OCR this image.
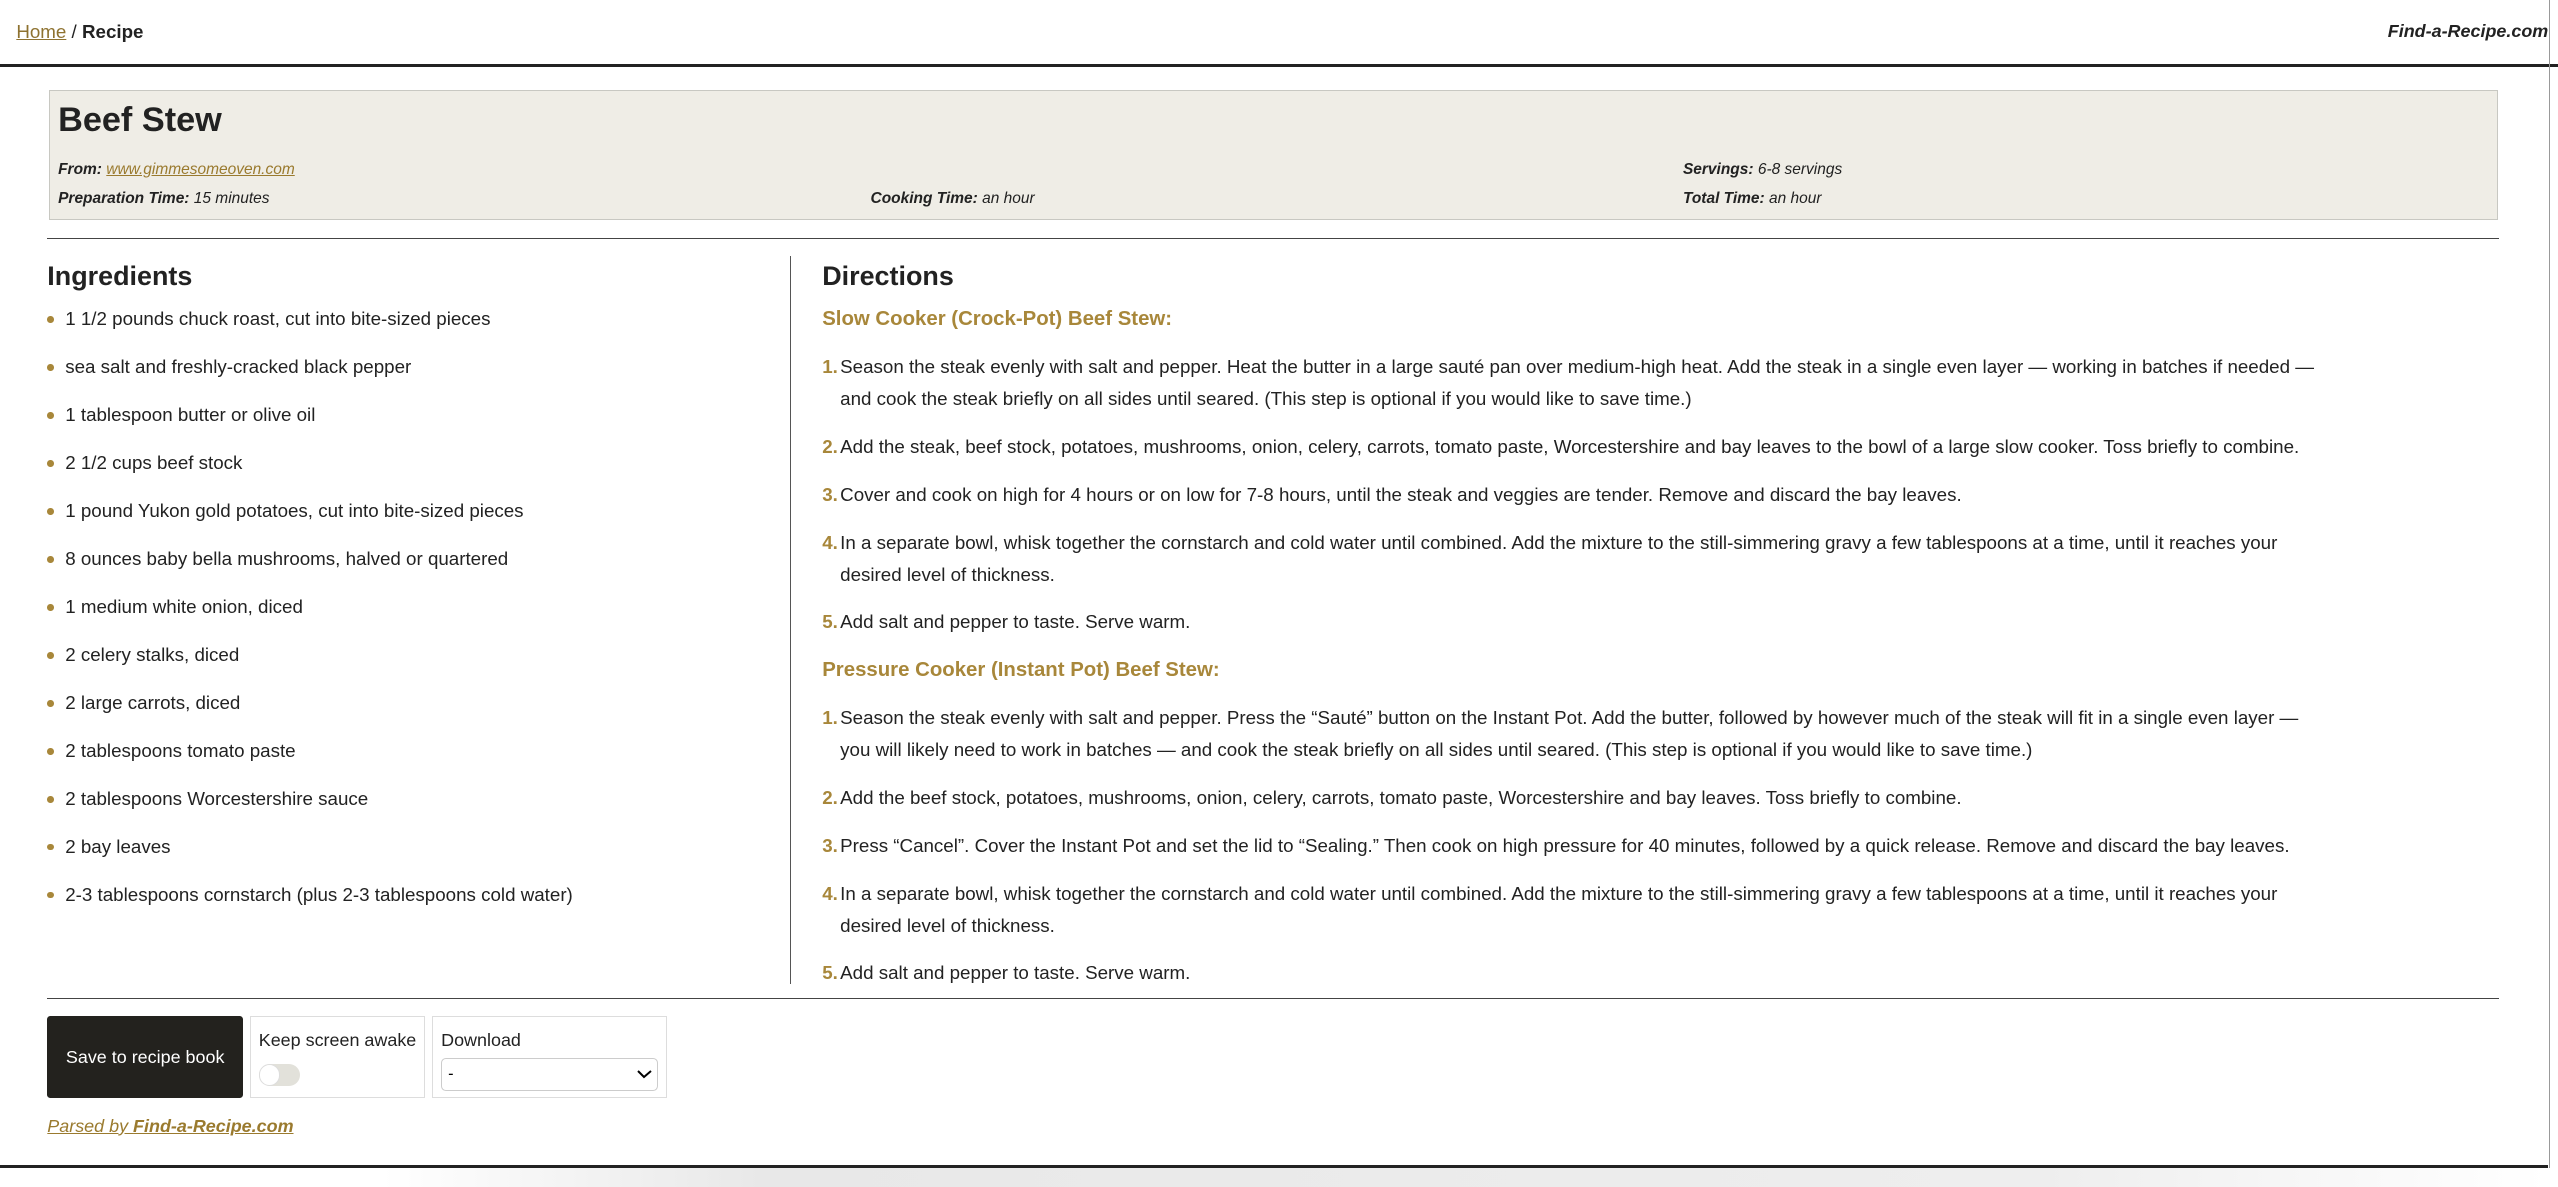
Home / Recipe	Find-a-Recipe.com
Beef Stew
From: www.gimmesomeoven.com	Servings: 6-8 servings
Preparation Time: 15 minutes	Cooking Time: an hour	Total Time: an hour
Ingredients
1 1/2 pounds chuck roast, cut into bite-sized pieces
sea salt and freshly-cracked black pepper
1 tablespoon butter or olive oil
2 1/2 cups beef stock
1 pound Yukon gold potatoes, cut into bite-sized pieces
8 ounces baby bella mushrooms, halved or quartered
1 medium white onion, diced
2 celery stalks, diced
2 large carrots, diced
2 tablespoons tomato paste
2 tablespoons Worcestershire sauce
2 bay leaves
2-3 tablespoons cornstarch (plus 2-3 tablespoons cold water)
Directions
Slow Cooker (Crock-Pot) Beef Stew:
1. Season the steak evenly with salt and pepper. Heat the butter in a large sauté pan over medium-high heat. Add the steak in a single even layer — working in batches if needed — and cook the steak briefly on all sides until seared. (This step is optional if you would like to save time.)
2. Add the steak, beef stock, potatoes, mushrooms, onion, celery, carrots, tomato paste, Worcestershire and bay leaves to the bowl of a large slow cooker. Toss briefly to combine.
3. Cover and cook on high for 4 hours or on low for 7-8 hours, until the steak and veggies are tender. Remove and discard the bay leaves.
4. In a separate bowl, whisk together the cornstarch and cold water until combined. Add the mixture to the still-simmering gravy a few tablespoons at a time, until it reaches your desired level of thickness.
5. Add salt and pepper to taste. Serve warm.
Pressure Cooker (Instant Pot) Beef Stew:
1. Season the steak evenly with salt and pepper. Press the “Sauté” button on the Instant Pot. Add the butter, followed by however much of the steak will fit in a single even layer — you will likely need to work in batches — and cook the steak briefly on all sides until seared. (This step is optional if you would like to save time.)
2. Add the beef stock, potatoes, mushrooms, onion, celery, carrots, tomato paste, Worcestershire and bay leaves. Toss briefly to combine.
3. Press “Cancel”. Cover the Instant Pot and set the lid to “Sealing.” Then cook on high pressure for 40 minutes, followed by a quick release. Remove and discard the bay leaves.
4. In a separate bowl, whisk together the cornstarch and cold water until combined. Add the mixture to the still-simmering gravy a few tablespoons at a time, until it reaches your desired level of thickness.
5. Add salt and pepper to taste. Serve warm.
Save to recipe book
Keep screen awake Download
-
Parsed by Find-a-Recipe.com
